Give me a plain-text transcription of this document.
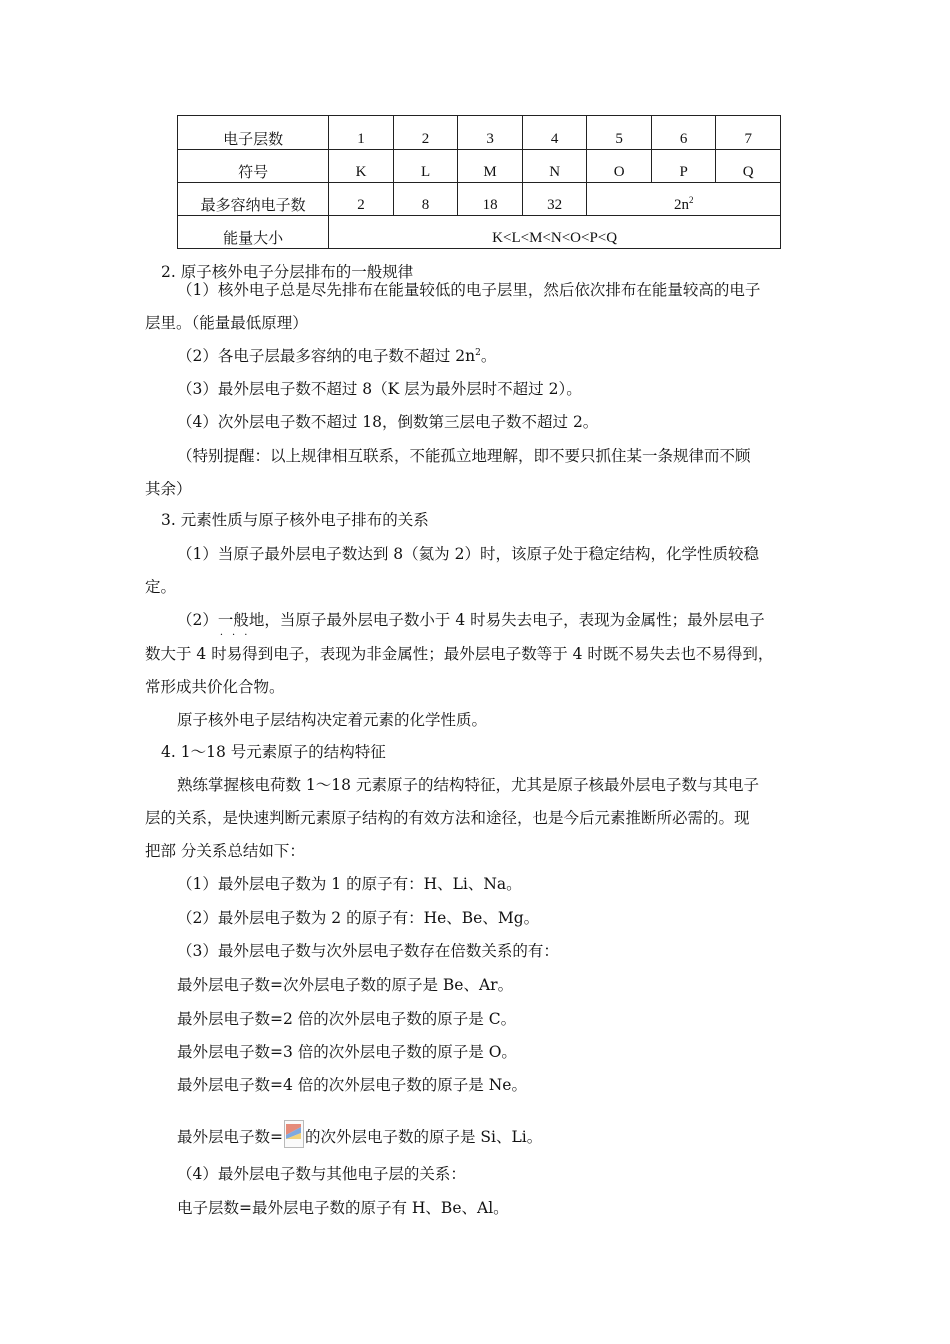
电子层数	1	2	3	4	5	6	7
符号	K	L	M	N	O	P	Q
最多容纳电子数	2	8	18	32	$2n^2$
能量大小	K<L<M<N<O<P<Q						
2. 原子核外电子分层排布的一般规律
（1）核外电子总是尽先排布在能量较低的电子层里，然后依次排布在能量较高的电子
层里。（能量最低原理）
（2）各电子层最多容纳的电子数不超过 $2n^2$。
（3）最外层电子数不超过 8（K 层为最外层时不超过 2）。
（4）次外层电子数不超过 18，倒数第三层电子数不超过 2。
（特别提醒：以上规律相互联系，不能孤立地理解，即不要只抓住某一条规律而不顾
其余）
3. 元素性质与原子核外电子排布的关系
（1）当原子最外层电子数达到 8（氦为 2）时，该原子处于稳定结构，化学性质较稳
定。
（2）一般地
·​·​·
，当原子最外层电子数小于 4 时易失去电子，表现为金属性；最外层电子
数大于 4 时易得到电子，表现为非金属性；最外层电子数等于 4 时既不易失去也不易得到，
常形成共价化合物。
原子核外电子层结构决定着元素的化学性质。
4. 1～18 号元素原子的结构特征
熟练掌握核电荷数 1～18 元素原子的结构特征，尤其是原子核最外层电子数与其电子
层的关系，是快速判断元素原子结构的有效方法和途径，也是今后元素推断所必需的。现
把部 分关系总结如下：
（1）最外层电子数为 1 的原子有：H、Li、Na。
（2）最外层电子数为 2 的原子有：He、Be、Mg。
（3）最外层电子数与次外层电子数存在倍数关系的有：
最外层电子数=次外层电子数的原子是 Be、Ar。
最外层电子数=2 倍的次外层电子数的原子是 C。
最外层电子数=3 倍的次外层电子数的原子是 O。
最外层电子数=4 倍的次外层电子数的原子是 Ne。
最外层电子数= 的次外层电子数的原子是 Si、Li。
（4）最外层电子数与其他电子层的关系：
电子层数=最外层电子数的原子有 H、Be、Al。
